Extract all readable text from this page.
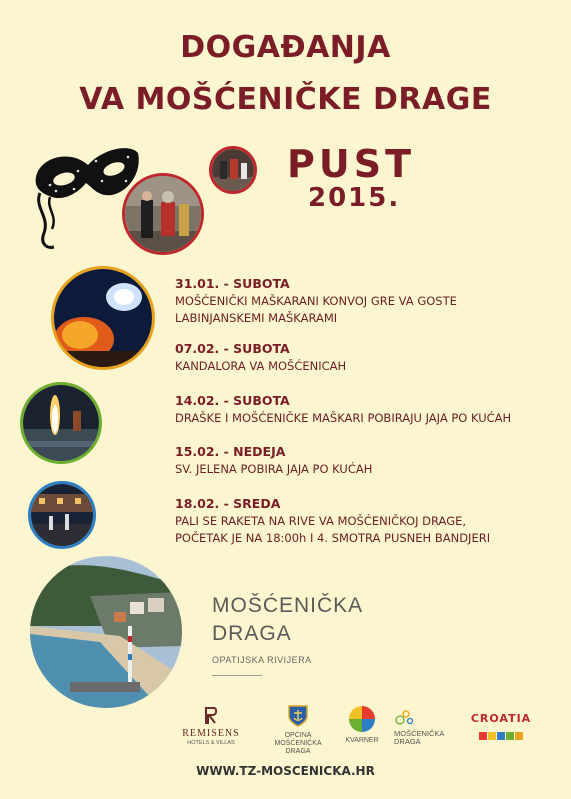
DOGAĐANJA
VA MOŠĆENIČKE DRAGE
PUST
2015.
31.01. - SUBOTA
MOŠĆENIČKI MAŠKARANI KONVOJ GRE VA GOSTE
LABINJANSKEMI MAŠKARAMI
07.02. - SUBOTA
KANDALORA VA MOŠĆENICAH
14.02. - SUBOTA
DRAŠKE I MOŠĆENIČKE MAŠKARI POBIRAJU JAJA PO KUĆAH
15.02. - NEDEJA
SV. JELENA POBIRA JAJA PO KUĆAH
18.02. - SREDA
PALI SE RAKETA NA RIVE VA MOŠĆENIČKOJ DRAGE,
POČETAK JE NA 18:00h I 4. SMOTRA PUSNEH BANDJERI
MOŠĆENIČKA
DRAGA
OPATIJSKA RIVIJERA
REMISENS
HOTELS & VILLAS
OPĆINA
MOŠĆENIČKA DRAGA
KVARNER
MOŠĆENIČKA
DRAGA
CROATIA
WWW.TZ-MOSCENICKA.HR
